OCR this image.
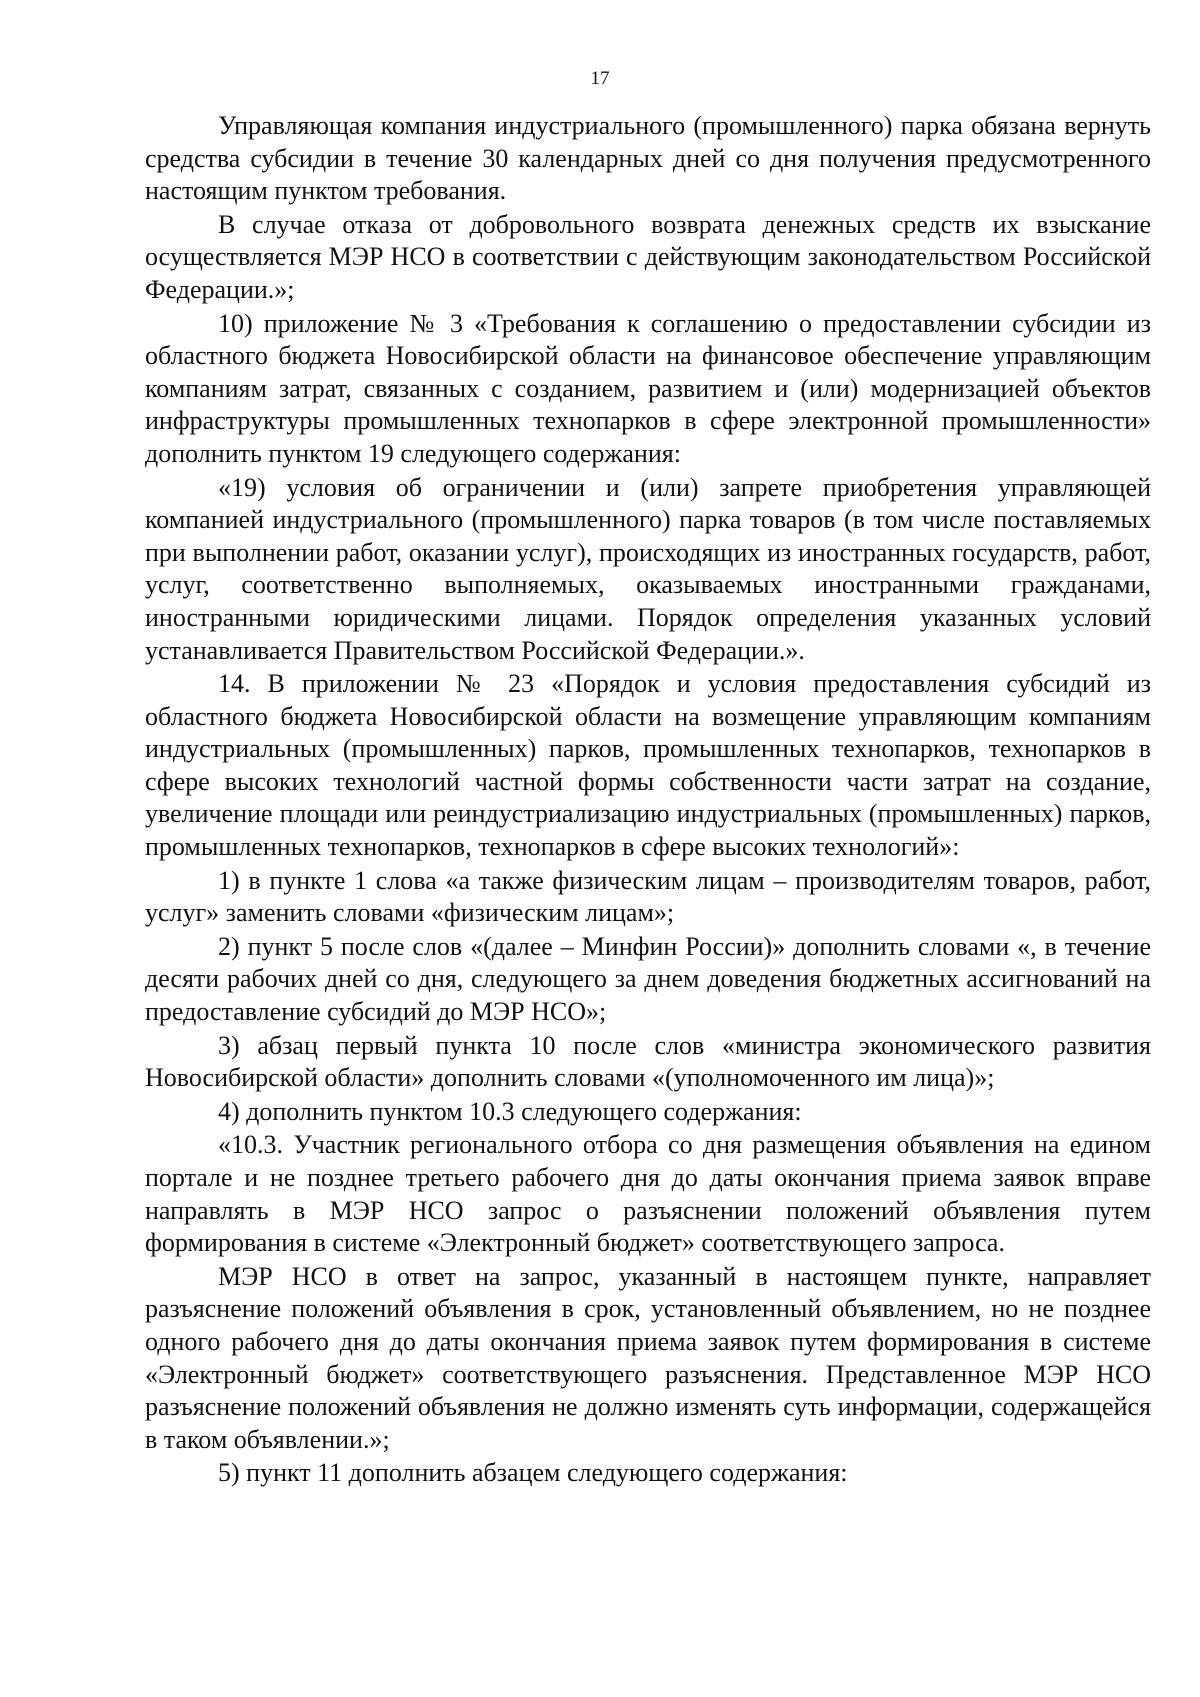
17

Управляющая компания индустриального (промышленного) парка обязана вернуть средства субсидии в течение 30 календарных дней со дня получения предусмотренного настоящим пунктом требования.

В случае отказа от добровольного возврата денежных средств их взыскание осуществляется МЭР НСО в соответствии с действующим законодательством Российской Федерации.»;

10) приложение № 3 «Требования к соглашению о предоставлении субсидии из областного бюджета Новосибирской области на финансовое обеспечение управляющим компаниям затрат, связанных с созданием, развитием и (или) модернизацией объектов инфраструктуры промышленных технопарков в сфере электронной промышленности» дополнить пунктом 19 следующего содержания:

«19) условия об ограничении и (или) запрете приобретения управляющей компанией индустриального (промышленного) парка товаров (в том числе поставляемых при выполнении работ, оказании услуг), происходящих из иностранных государств, работ, услуг, соответственно выполняемых, оказываемых иностранными гражданами, иностранными юридическими лицами. Порядок определения указанных условий устанавливается Правительством Российской Федерации.».

14. В приложении № 23 «Порядок и условия предоставления субсидий из областного бюджета Новосибирской области на возмещение управляющим компаниям индустриальных (промышленных) парков, промышленных технопарков, технопарков в сфере высоких технологий частной формы собственности части затрат на создание, увеличение площади или реиндустриализацию индустриальных (промышленных) парков, промышленных технопарков, технопарков в сфере высоких технологий»:

1) в пункте 1 слова «а также физическим лицам – производителям товаров, работ, услуг» заменить словами «физическим лицам»;

2) пункт 5 после слов «(далее – Минфин России)» дополнить словами «, в течение десяти рабочих дней со дня, следующего за днем доведения бюджетных ассигнований на предоставление субсидий до МЭР НСО»;

3) абзац первый пункта 10 после слов «министра экономического развития Новосибирской области» дополнить словами «(уполномоченного им лица)»;

4) дополнить пунктом 10.3 следующего содержания:

«10.3. Участник регионального отбора со дня размещения объявления на едином портале и не позднее третьего рабочего дня до даты окончания приема заявок вправе направлять в МЭР НСО запрос о разъяснении положений объявления путем формирования в системе «Электронный бюджет» соответствующего запроса.

МЭР НСО в ответ на запрос, указанный в настоящем пункте, направляет разъяснение положений объявления в срок, установленный объявлением, но не позднее одного рабочего дня до даты окончания приема заявок путем формирования в системе «Электронный бюджет» соответствующего разъяснения. Представленное МЭР НСО разъяснение положений объявления не должно изменять суть информации, содержащейся в таком объявлении.»;

5) пункт 11 дополнить абзацем следующего содержания:
